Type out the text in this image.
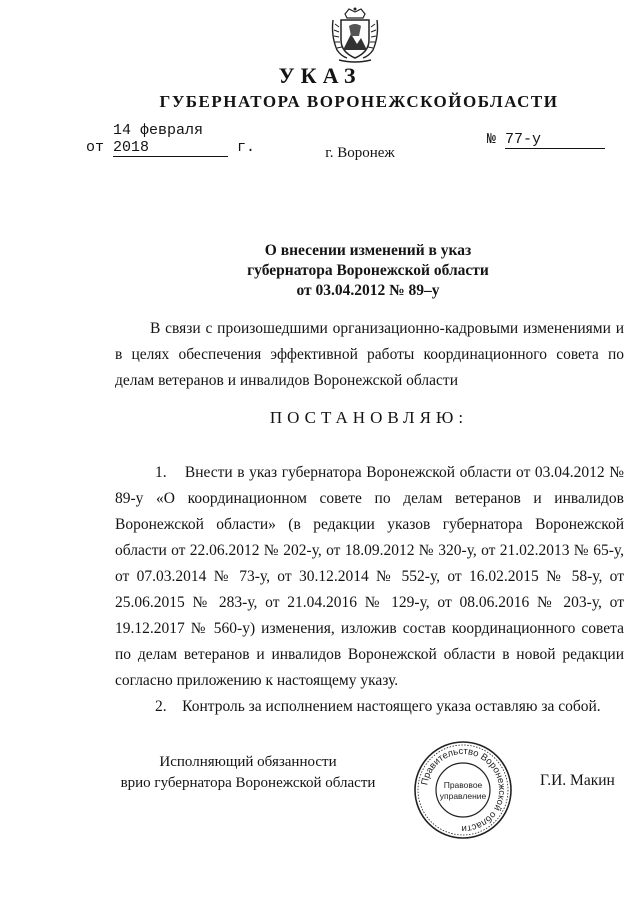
УКАЗ
ГУБЕРНАТОРА ВОРОНЕЖСКОЙОБЛАСТИ
от 14 февраля 2018	г.	№ 77-у
г. Воронеж
О внесении изменений в указ
губернатора Воронежской области
от 03.04.2012 № 89–у
В связи с произошедшими организационно-кадровыми изменениями и в целях обеспечения эффективной работы координационного совета по делам ветеранов и инвалидов Воронежской области
ПОСТАНОВЛЯЮ:
1.    Внести в указ губернатора Воронежской области от 03.04.2012 № 89-у «О координационном совете по делам ветеранов и инвалидов Воронежской области» (в редакции указов губернатора Воронежской области от 22.06.2012 № 202-у, от 18.09.2012 № 320-у, от 21.02.2013 № 65-у, от 07.03.2014 № 73-у, от 30.12.2014 № 552-у, от 16.02.2015 № 58-у, от 25.06.2015 № 283-у, от 21.04.2016 № 129-у, от 08.06.2016 № 203-у, от 19.12.2017 № 560-у) изменения, изложив состав координационного совета по делам ветеранов и инвалидов Воронежской области в новой редакции согласно приложению к настоящему указу.
2.    Контроль за исполнением настоящего указа оставляю за собой.
Исполняющий обязанности
врио губернатора Воронежской области	Правительство Воронежской области
Правовое
управление
Г.И. Макин
